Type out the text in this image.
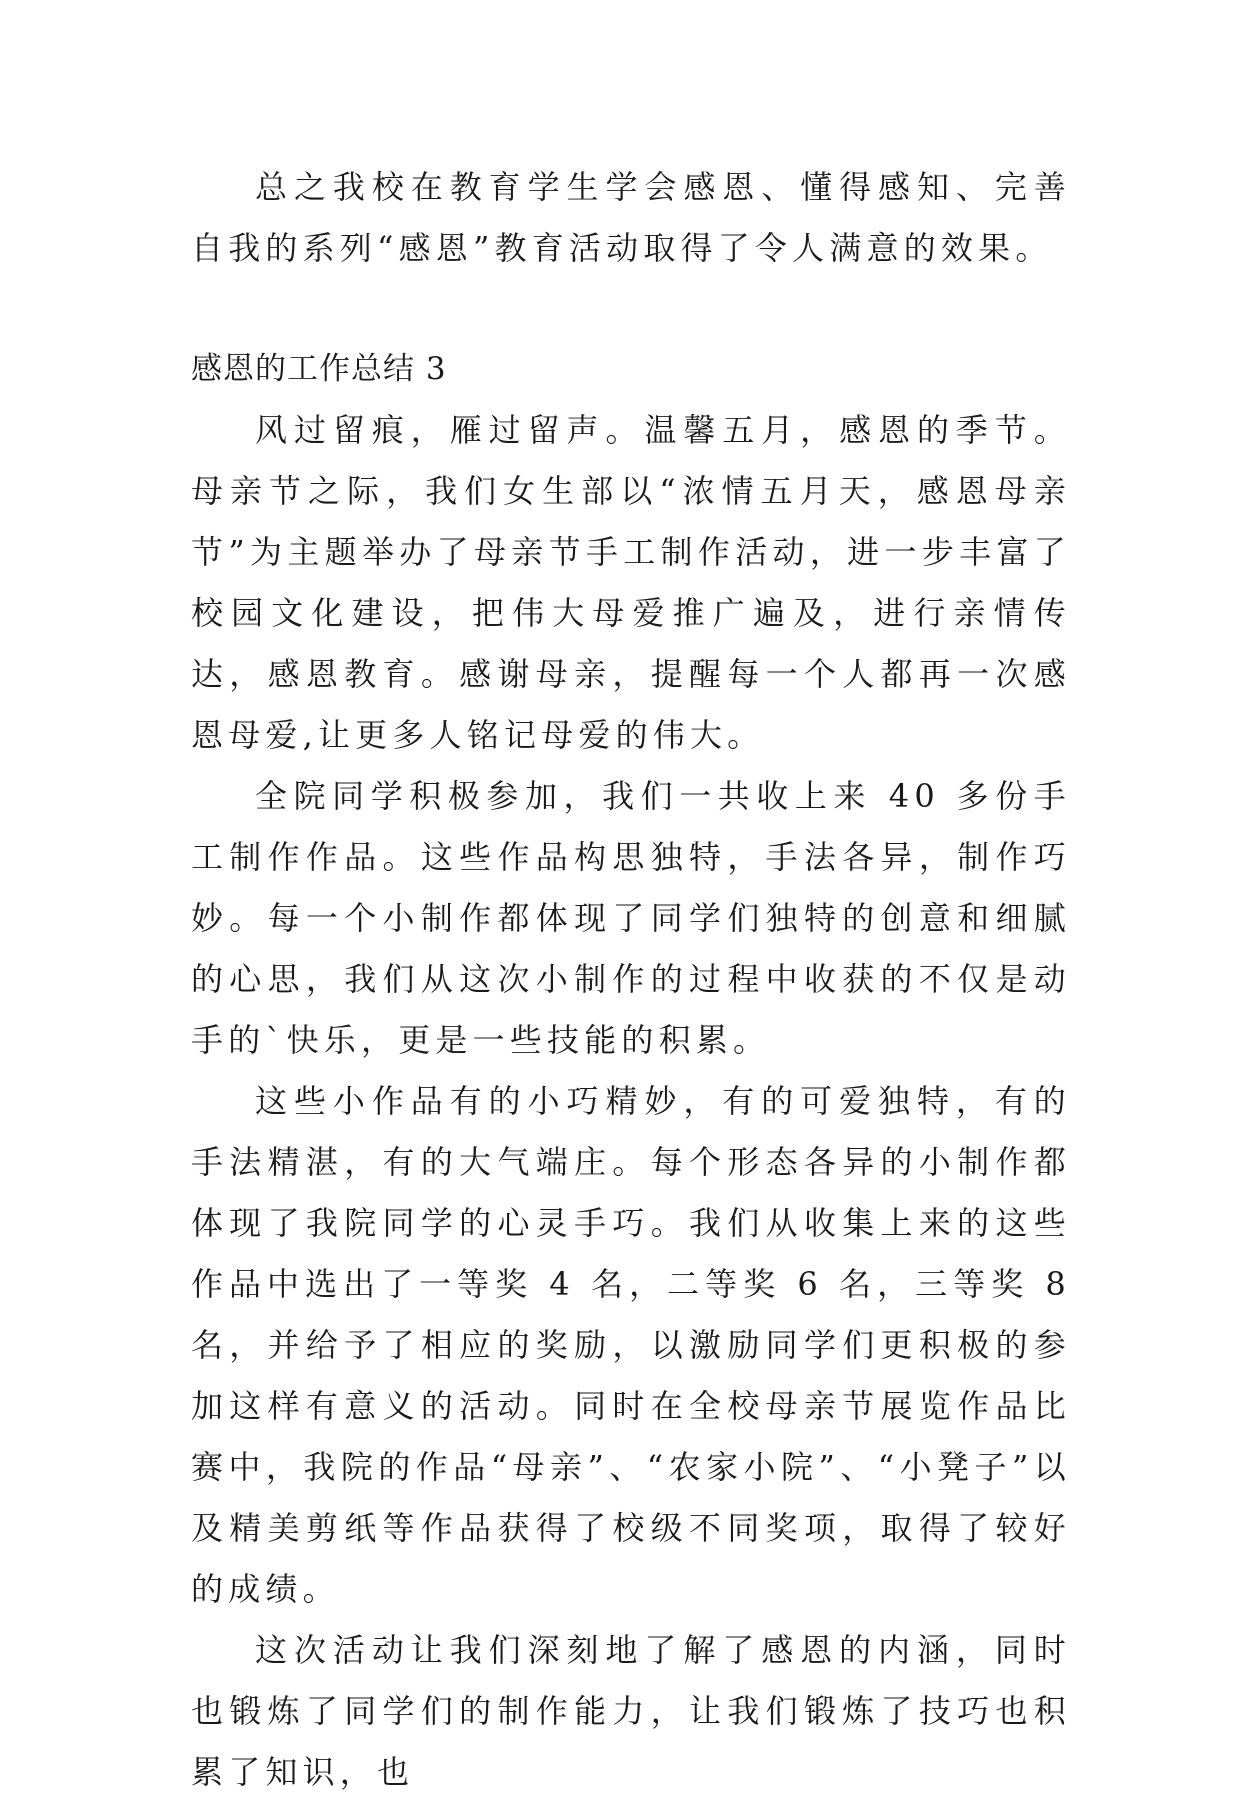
总之我校在教育学生学会感恩、懂得感知、完善自我的系列“感恩”教育活动取得了令人满意的效果。

感恩的工作总结 3

风过留痕，雁过留声。温馨五月，感恩的季节。母亲节之际，我们女生部以“浓情五月天，感恩母亲节”为主题举办了母亲节手工制作活动，进一步丰富了校园文化建设，把伟大母爱推广遍及，进行亲情传达，感恩教育。感谢母亲，提醒每一个人都再一次感恩母爱,让更多人铭记母爱的伟大。

全院同学积极参加，我们一共收上来 40 多份手工制作作品。这些作品构思独特，手法各异，制作巧妙。每一个小制作都体现了同学们独特的创意和细腻的心思，我们从这次小制作的过程中收获的不仅是动手的`快乐，更是一些技能的积累。

这些小作品有的小巧精妙，有的可爱独特，有的手法精湛，有的大气端庄。每个形态各异的小制作都体现了我院同学的心灵手巧。我们从收集上来的这些作品中选出了一等奖 4 名，二等奖 6 名，三等奖 8 名，并给予了相应的奖励，以激励同学们更积极的参加这样有意义的活动。同时在全校母亲节展览作品比赛中，我院的作品“母亲”、“农家小院”、“小凳子”以及精美剪纸等作品获得了校级不同奖项，取得了较好的成绩。

这次活动让我们深刻地了解了感恩的内涵，同时也锻炼了同学们的制作能力，让我们锻炼了技巧也积累了知识，也
